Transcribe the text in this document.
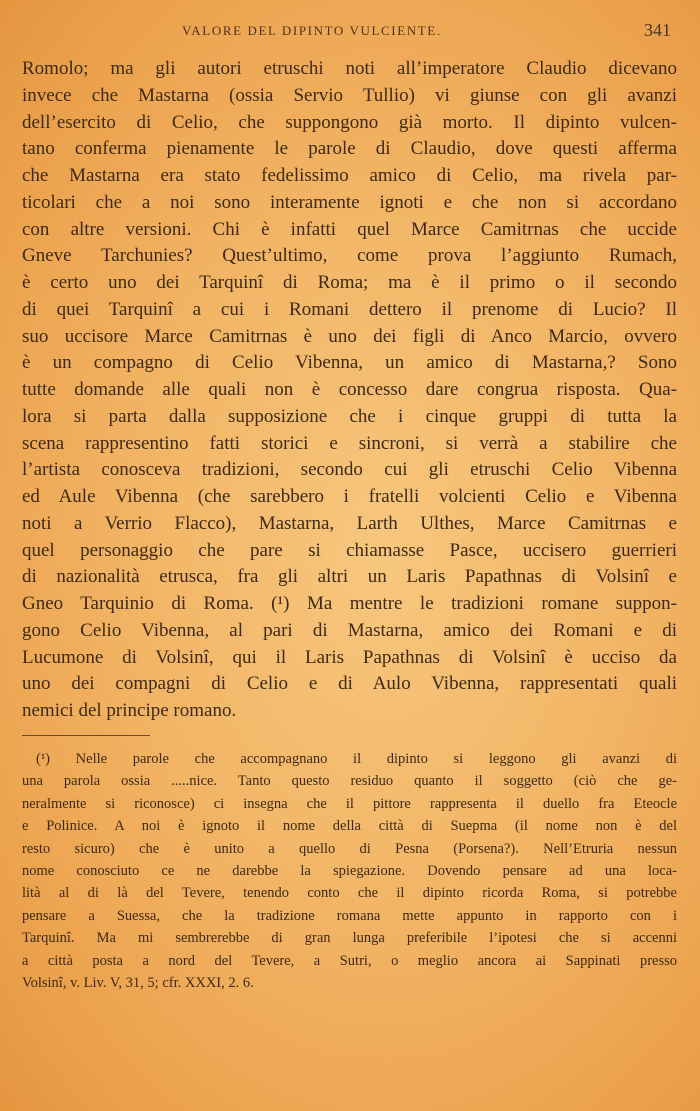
VALORE DEL DIPINTO VULCIENTE.	341
Romolo; ma gli autori etruschi noti all’imperatore Claudio dicevano
invece che Mastarna (ossia Servio Tullio) vi giunse con gli avanzi
dell’esercito di Celio, che suppongono già morto. Il dipinto vulcen-
tano conferma pienamente le parole di Claudio, dove questi afferma
che Mastarna era stato fedelissimo amico di Celio, ma rivela par-
ticolari che a noi sono interamente ignoti e che non si accordano
con altre versioni. Chi è infatti quel Marce Camitrnas che uccide
Gneve Tarchunies? Quest’ultimo, come prova l’aggiunto Rumach,
è certo uno dei Tarquinî di Roma; ma è il primo o il secondo
di quei Tarquinî a cui i Romani dettero il prenome di Lucio? Il
suo uccisore Marce Camitrnas è uno dei figli di Anco Marcio, ovvero
è un compagno di Celio Vibenna, un amico di Mastarna,? Sono
tutte domande alle quali non è concesso dare congrua risposta. Qua-
lora si parta dalla supposizione che i cinque gruppi di tutta la
scena rappresentino fatti storici e sincroni, si verrà a stabilire che
l’artista conosceva tradizioni, secondo cui gli etruschi Celio Vibenna
ed Aule Vibenna (che sarebbero i fratelli volcienti Celio e Vibenna
noti a Verrio Flacco), Mastarna, Larth Ulthes, Marce Camitrnas e
quel personaggio che pare si chiamasse Pasce, uccisero guerrieri
di nazionalità etrusca, fra gli altri un Laris Papathnas di Volsinî e
Gneo Tarquinio di Roma. (¹) Ma mentre le tradizioni romane suppon-
gono Celio Vibenna, al pari di Mastarna, amico dei Romani e di
Lucumone di Volsinî, qui il Laris Papathnas di Volsinî è ucciso da
uno dei compagni di Celio e di Aulo Vibenna, rappresentati quali
nemici del principe romano.
(¹) Nelle parole che accompagnano il dipinto si leggono gli avanzi di
una parola ossia .....nice. Tanto questo residuo quanto il soggetto (ciò che ge-
neralmente si riconosce) ci insegna che il pittore rappresenta il duello fra Eteocle
e Polinice. A noi è ignoto il nome della città di Suepma (il nome non è del
resto sicuro) che è unito a quello di Pesna (Porsena?). Nell’Etruria nessun
nome conosciuto ce ne darebbe la spiegazione. Dovendo pensare ad una loca-
lità al di là del Tevere, tenendo conto che il dipinto ricorda Roma, si potrebbe
pensare a Suessa, che la tradizione romana mette appunto in rapporto con i
Tarquinî. Ma mi sembrerebbe di gran lunga preferibile l’ipotesi che si accenni
a città posta a nord del Tevere, a Sutri, o meglio ancora ai Sappinati presso
Volsinî, v. Liv. V, 31, 5; cfr. XXXI, 2. 6.
